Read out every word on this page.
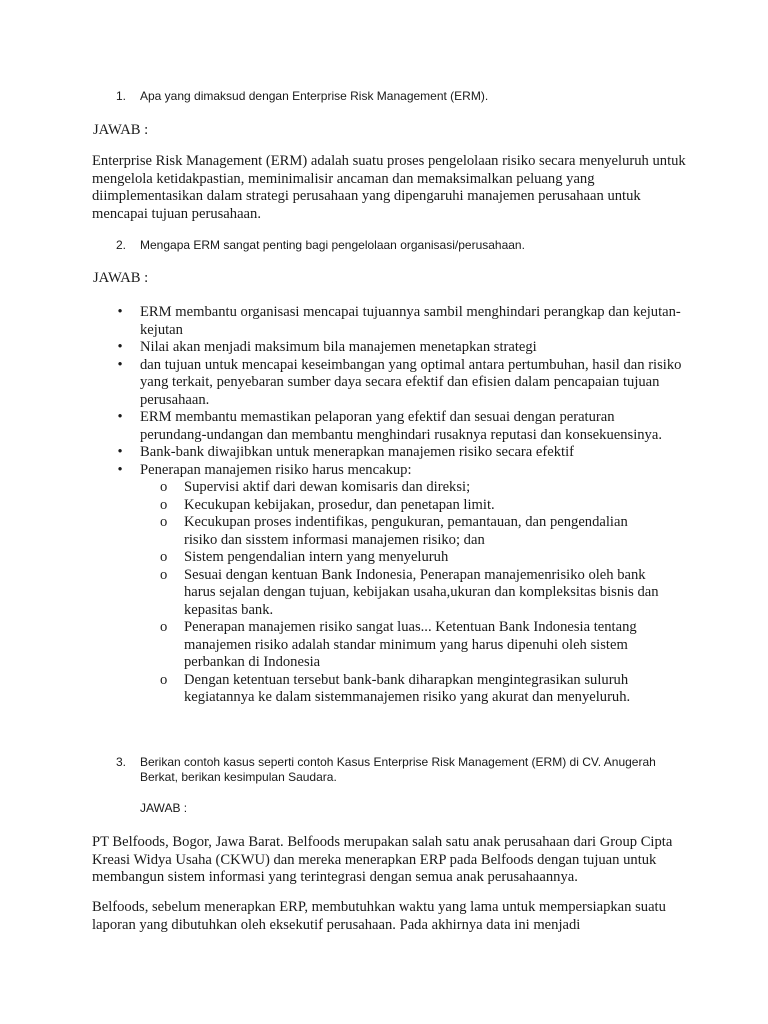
1.	Apa yang dimaksud dengan Enterprise Risk Management (ERM).
JAWAB :
Enterprise Risk Management (ERM) adalah suatu proses pengelolaan risiko secara menyeluruh untuk mengelola ketidakpastian, meminimalisir ancaman dan memaksimalkan peluang yang diimplementasikan dalam strategi perusahaan yang dipengaruhi manajemen perusahaan untuk mencapai tujuan perusahaan.
2.	Mengapa ERM sangat penting bagi pengelolaan organisasi/perusahaan.
JAWAB :
•	ERM membantu organisasi mencapai tujuannya sambil menghindari perangkap dan kejutan-kejutan
•	Nilai akan menjadi maksimum bila manajemen menetapkan strategi
•	dan tujuan untuk mencapai keseimbangan yang optimal antara pertumbuhan, hasil dan risiko yang terkait, penyebaran sumber daya secara efektif dan efisien dalam pencapaian tujuan perusahaan.
•	ERM membantu memastikan pelaporan yang efektif dan sesuai dengan peraturan perundang-undangan dan membantu menghindari rusaknya reputasi dan konsekuensinya.
•	Bank-bank diwajibkan untuk menerapkan manajemen risiko secara efektif
•	Penerapan manajemen risiko harus mencakup:
o Supervisi aktif dari dewan komisaris dan direksi;
o Kecukupan kebijakan, prosedur, dan penetapan limit.
o Kecukupan proses indentifikas, pengukuran, pemantauan, dan pengendalian risiko dan sisstem informasi manajemen risiko; dan
o Sistem pengendalian intern yang menyeluruh
o Sesuai dengan kentuan Bank Indonesia, Penerapan manajemenrisiko oleh bank harus sejalan dengan tujuan, kebijakan usaha,ukuran dan kompleksitas bisnis dan kepasitas bank.
o Penerapan manajemen risiko sangat luas... Ketentuan Bank Indonesia tentang manajemen risiko adalah standar minimum yang harus dipenuhi oleh sistem perbankan di Indonesia
o Dengan ketentuan tersebut bank-bank diharapkan mengintegrasikan suluruh kegiatannya ke dalam sistemmanajemen risiko yang akurat dan menyeluruh.
3.	Berikan contoh kasus seperti contoh Kasus Enterprise Risk Management (ERM) di CV. Anugerah Berkat, berikan kesimpulan Saudara.
JAWAB :
PT Belfoods, Bogor, Jawa Barat. Belfoods merupakan salah satu anak perusahaan dari Group Cipta Kreasi Widya Usaha (CKWU) dan mereka menerapkan ERP pada Belfoods dengan tujuan untuk membangun sistem informasi yang terintegrasi dengan semua anak perusahaannya.
Belfoods, sebelum menerapkan ERP, membutuhkan waktu yang lama untuk mempersiapkan suatu laporan yang dibutuhkan oleh eksekutif perusahaan. Pada akhirnya data ini menjadi
